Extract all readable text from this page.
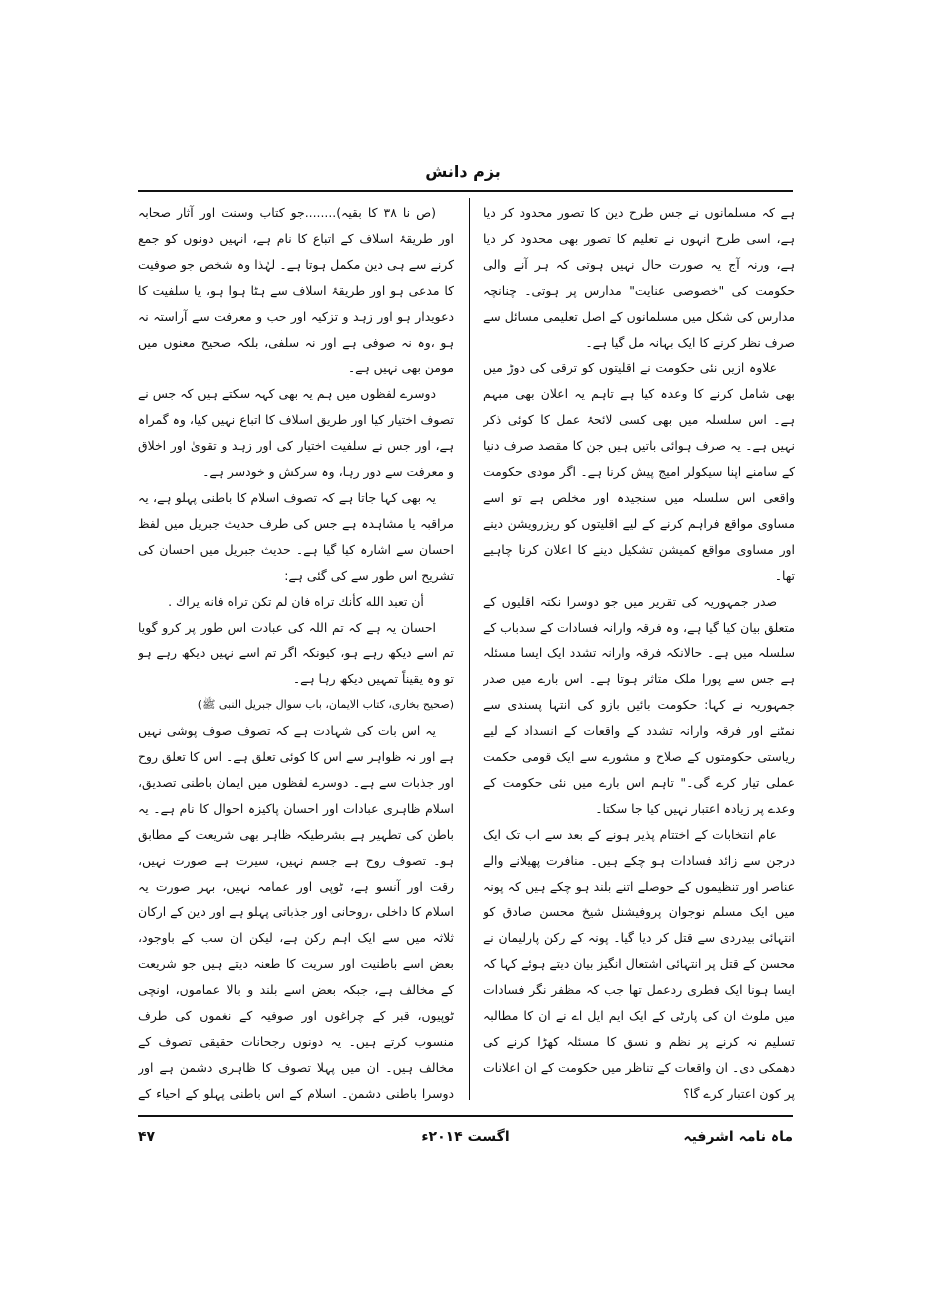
بزم دانش

ہے کہ مسلمانوں نے جس طرح دین کا تصور محدود کر دیا ہے، اسی طرح انہوں نے تعلیم کا تصور بھی محدود کر دیا ہے، ورنہ آج یہ صورت حال نہیں ہوتی کہ ہر آنے والی حکومت کی "خصوصی عنایت" مدارس پر ہوتی۔ چنانچہ مدارس کی شکل میں مسلمانوں کے اصل تعلیمی مسائل سے صرف نظر کرنے کا ایک بہانہ مل گیا ہے۔

علاوہ ازیں نئی حکومت نے اقلیتوں کو ترقی کی دوڑ میں بھی شامل کرنے کا وعدہ کیا ہے تاہم یہ اعلان بھی مبہم ہے۔ اس سلسلہ میں بھی کسی لائحۂ عمل کا کوئی ذکر نہیں ہے۔ یہ صرف ہوائی باتیں ہیں جن کا مقصد صرف دنیا کے سامنے اپنا سیکولر امیج پیش کرنا ہے۔ اگر مودی حکومت واقعی اس سلسلہ میں سنجیدہ اور مخلص ہے تو اسے مساوی مواقع فراہم کرنے کے لیے اقلیتوں کو ریزرویشن دینے اور مساوی مواقع کمیشن تشکیل دینے کا اعلان کرنا چاہیے تھا۔

صدر جمہوریہ کی تقریر میں جو دوسرا نکتہ اقلیوں کے متعلق بیان کیا گیا ہے، وہ فرقہ وارانہ فسادات کے سدباب کے سلسلہ میں ہے۔ حالانکہ فرقہ وارانہ تشدد ایک ایسا مسئلہ ہے جس سے پورا ملک متاثر ہوتا ہے۔ اس بارے میں صدر جمہوریہ نے کہا: حکومت بائیں بازو کی انتہا پسندی سے نمٹنے اور فرقہ وارانہ تشدد کے واقعات کے انسداد کے لیے ریاستی حکومتوں کے صلاح و مشورے سے ایک قومی حکمت عملی تیار کرے گی۔" تاہم اس بارے میں نئی حکومت کے وعدے پر زیادہ اعتبار نہیں کیا جا سکتا۔

عام انتخابات کے اختتام پذیر ہونے کے بعد سے اب تک ایک درجن سے زائد فسادات ہو چکے ہیں۔ منافرت پھیلانے والے عناصر اور تنظیموں کے حوصلے اتنے بلند ہو چکے ہیں کہ پونہ میں ایک مسلم نوجوان پروفیشنل شیخ محسن صادق کو انتہائی بیدردی سے قتل کر دیا گیا۔ پونہ کے رکن پارلیمان نے محسن کے قتل پر انتہائی اشتعال انگیز بیان دیتے ہوئے کہا کہ ایسا ہونا ایک فطری ردعمل تھا جب کہ مظفر نگر فسادات میں ملوث ان کی پارٹی کے ایک ایم ایل اے نے ان کا مطالبہ تسلیم نہ کرنے پر نظم و نسق کا مسئلہ کھڑا کرنے کی دھمکی دی۔ ان واقعات کے تناظر میں حکومت کے ان اعلانات پر کون اعتبار کرے گا؟

(ص نا ۳۸ کا بقیہ)........جو کتاب وسنت اور آثار صحابہ اور طریقۂ اسلاف کے اتباع کا نام ہے، انہیں دونوں کو جمع کرنے سے ہی دین مکمل ہوتا ہے۔ لہٰذا وہ شخص جو صوفیت کا مدعی ہو اور طریقۂ اسلاف سے ہٹا ہوا ہو، یا سلفیت کا دعویدار ہو اور زہد و تزکیہ اور حب و معرفت سے آراستہ نہ ہو ،وہ نہ صوفی ہے اور نہ سلفی، بلکہ صحیح معنوں میں مومن بھی نہیں ہے۔

دوسرے لفظوں میں ہم یہ بھی کہہ سکتے ہیں کہ جس نے تصوف اختیار کیا اور طریق اسلاف کا اتباع نہیں کیا، وہ گمراہ ہے، اور جس نے سلفیت اختیار کی اور زہد و تقویٰ اور اخلاق و معرفت سے دور رہا، وہ سرکش و خودسر ہے۔

یہ بھی کہا جاتا ہے کہ تصوف اسلام کا باطنی پہلو ہے، یہ مراقبہ یا مشاہدہ ہے جس کی طرف حدیث جبریل میں لفظ احسان سے اشارہ کیا گیا ہے۔ حدیث جبریل میں احسان کی تشریح اس طور سے کی گئی ہے:

أن تعبد الله كأنك تراه فان لم تكن تراه فانه يراك .

احسان یہ ہے کہ تم اللہ کی عبادت اس طور پر کرو گویا تم اسے دیکھ رہے ہو، کیونکہ اگر تم اسے نہیں دیکھ رہے ہو تو وہ یقیناً تمہیں دیکھ رہا ہے۔

(صحیح بخاری، کتاب الایمان، باب سوال جبریل النبی ﷺ)

یہ اس بات کی شہادت ہے کہ تصوف صوف پوشی نہیں ہے اور نہ ظواہر سے اس کا کوئی تعلق ہے۔ اس کا تعلق روح اور جذبات سے ہے۔ دوسرے لفظوں میں ایمان باطنی تصدیق، اسلام ظاہری عبادات اور احسان پاکیزہ احوال کا نام ہے۔ یہ باطن کی تطہیر ہے بشرطیکہ ظاہر بھی شریعت کے مطابق ہو۔ تصوف روح ہے جسم نہیں، سیرت ہے صورت نہیں، رقت اور آنسو ہے، ٹوپی اور عمامہ نہیں، بہر صورت یہ اسلام کا داخلی ،روحانی اور جذباتی پہلو ہے اور دین کے ارکان ثلاثہ میں سے ایک اہم رکن ہے، لیکن ان سب کے باوجود، بعض اسے باطنیت اور سریت کا طعنہ دیتے ہیں جو شریعت کے مخالف ہے، جبکہ بعض اسے بلند و بالا عماموں، اونچی ٹوپیوں، قبر کے چراغوں اور صوفیہ کے نغموں کی طرف منسوب کرتے ہیں۔ یہ دونوں رجحانات حقیقی تصوف کے مخالف ہیں۔ ان میں پہلا تصوف کا ظاہری دشمن ہے اور دوسرا باطنی دشمن۔ اسلام کے اس باطنی پہلو کے احیاء کے

ماہ نامہ اشرفیہ
اگست ۲۰۱۴ء
۴۷
